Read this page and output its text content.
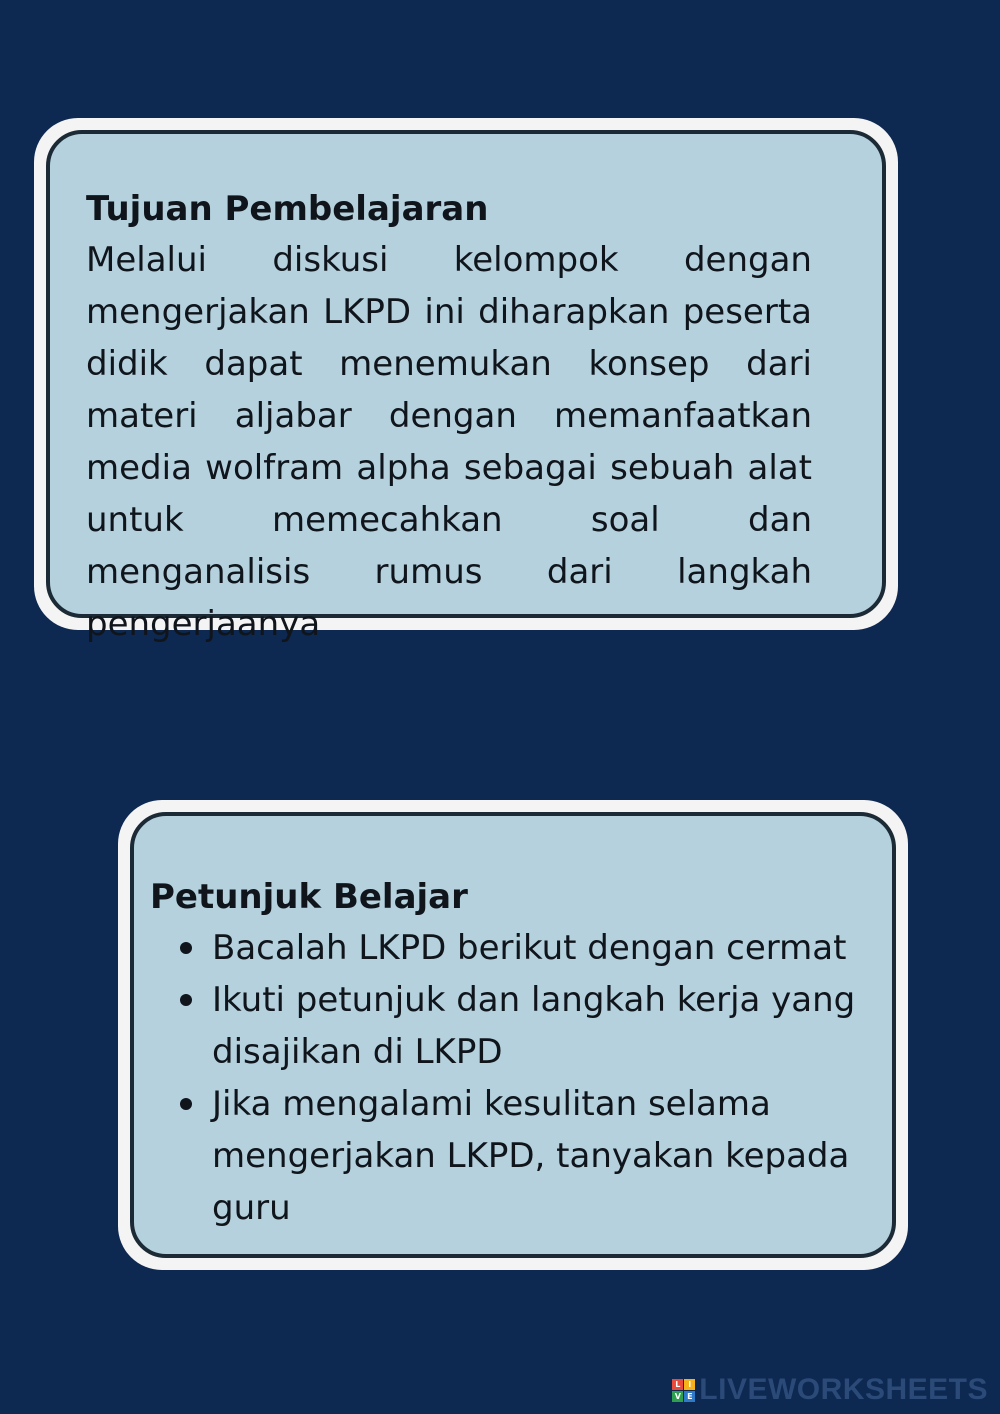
Tujuan Pembelajaran

Melalui diskusi kelompok dengan mengerjakan LKPD ini diharapkan peserta didik dapat menemukan konsep dari materi aljabar dengan memanfaatkan media wolfram alpha sebagai sebuah alat untuk memecahkan soal dan menganalisis rumus dari langkah pengerjaanya

Petunjuk Belajar

Bacalah LKPD berikut dengan cermat
Ikuti petunjuk dan langkah kerja yang disajikan di LKPD
Jika mengalami kesulitan selama mengerjakan LKPD, tanyakan kepada guru
L I
V E LIVEWORKSHEETS
